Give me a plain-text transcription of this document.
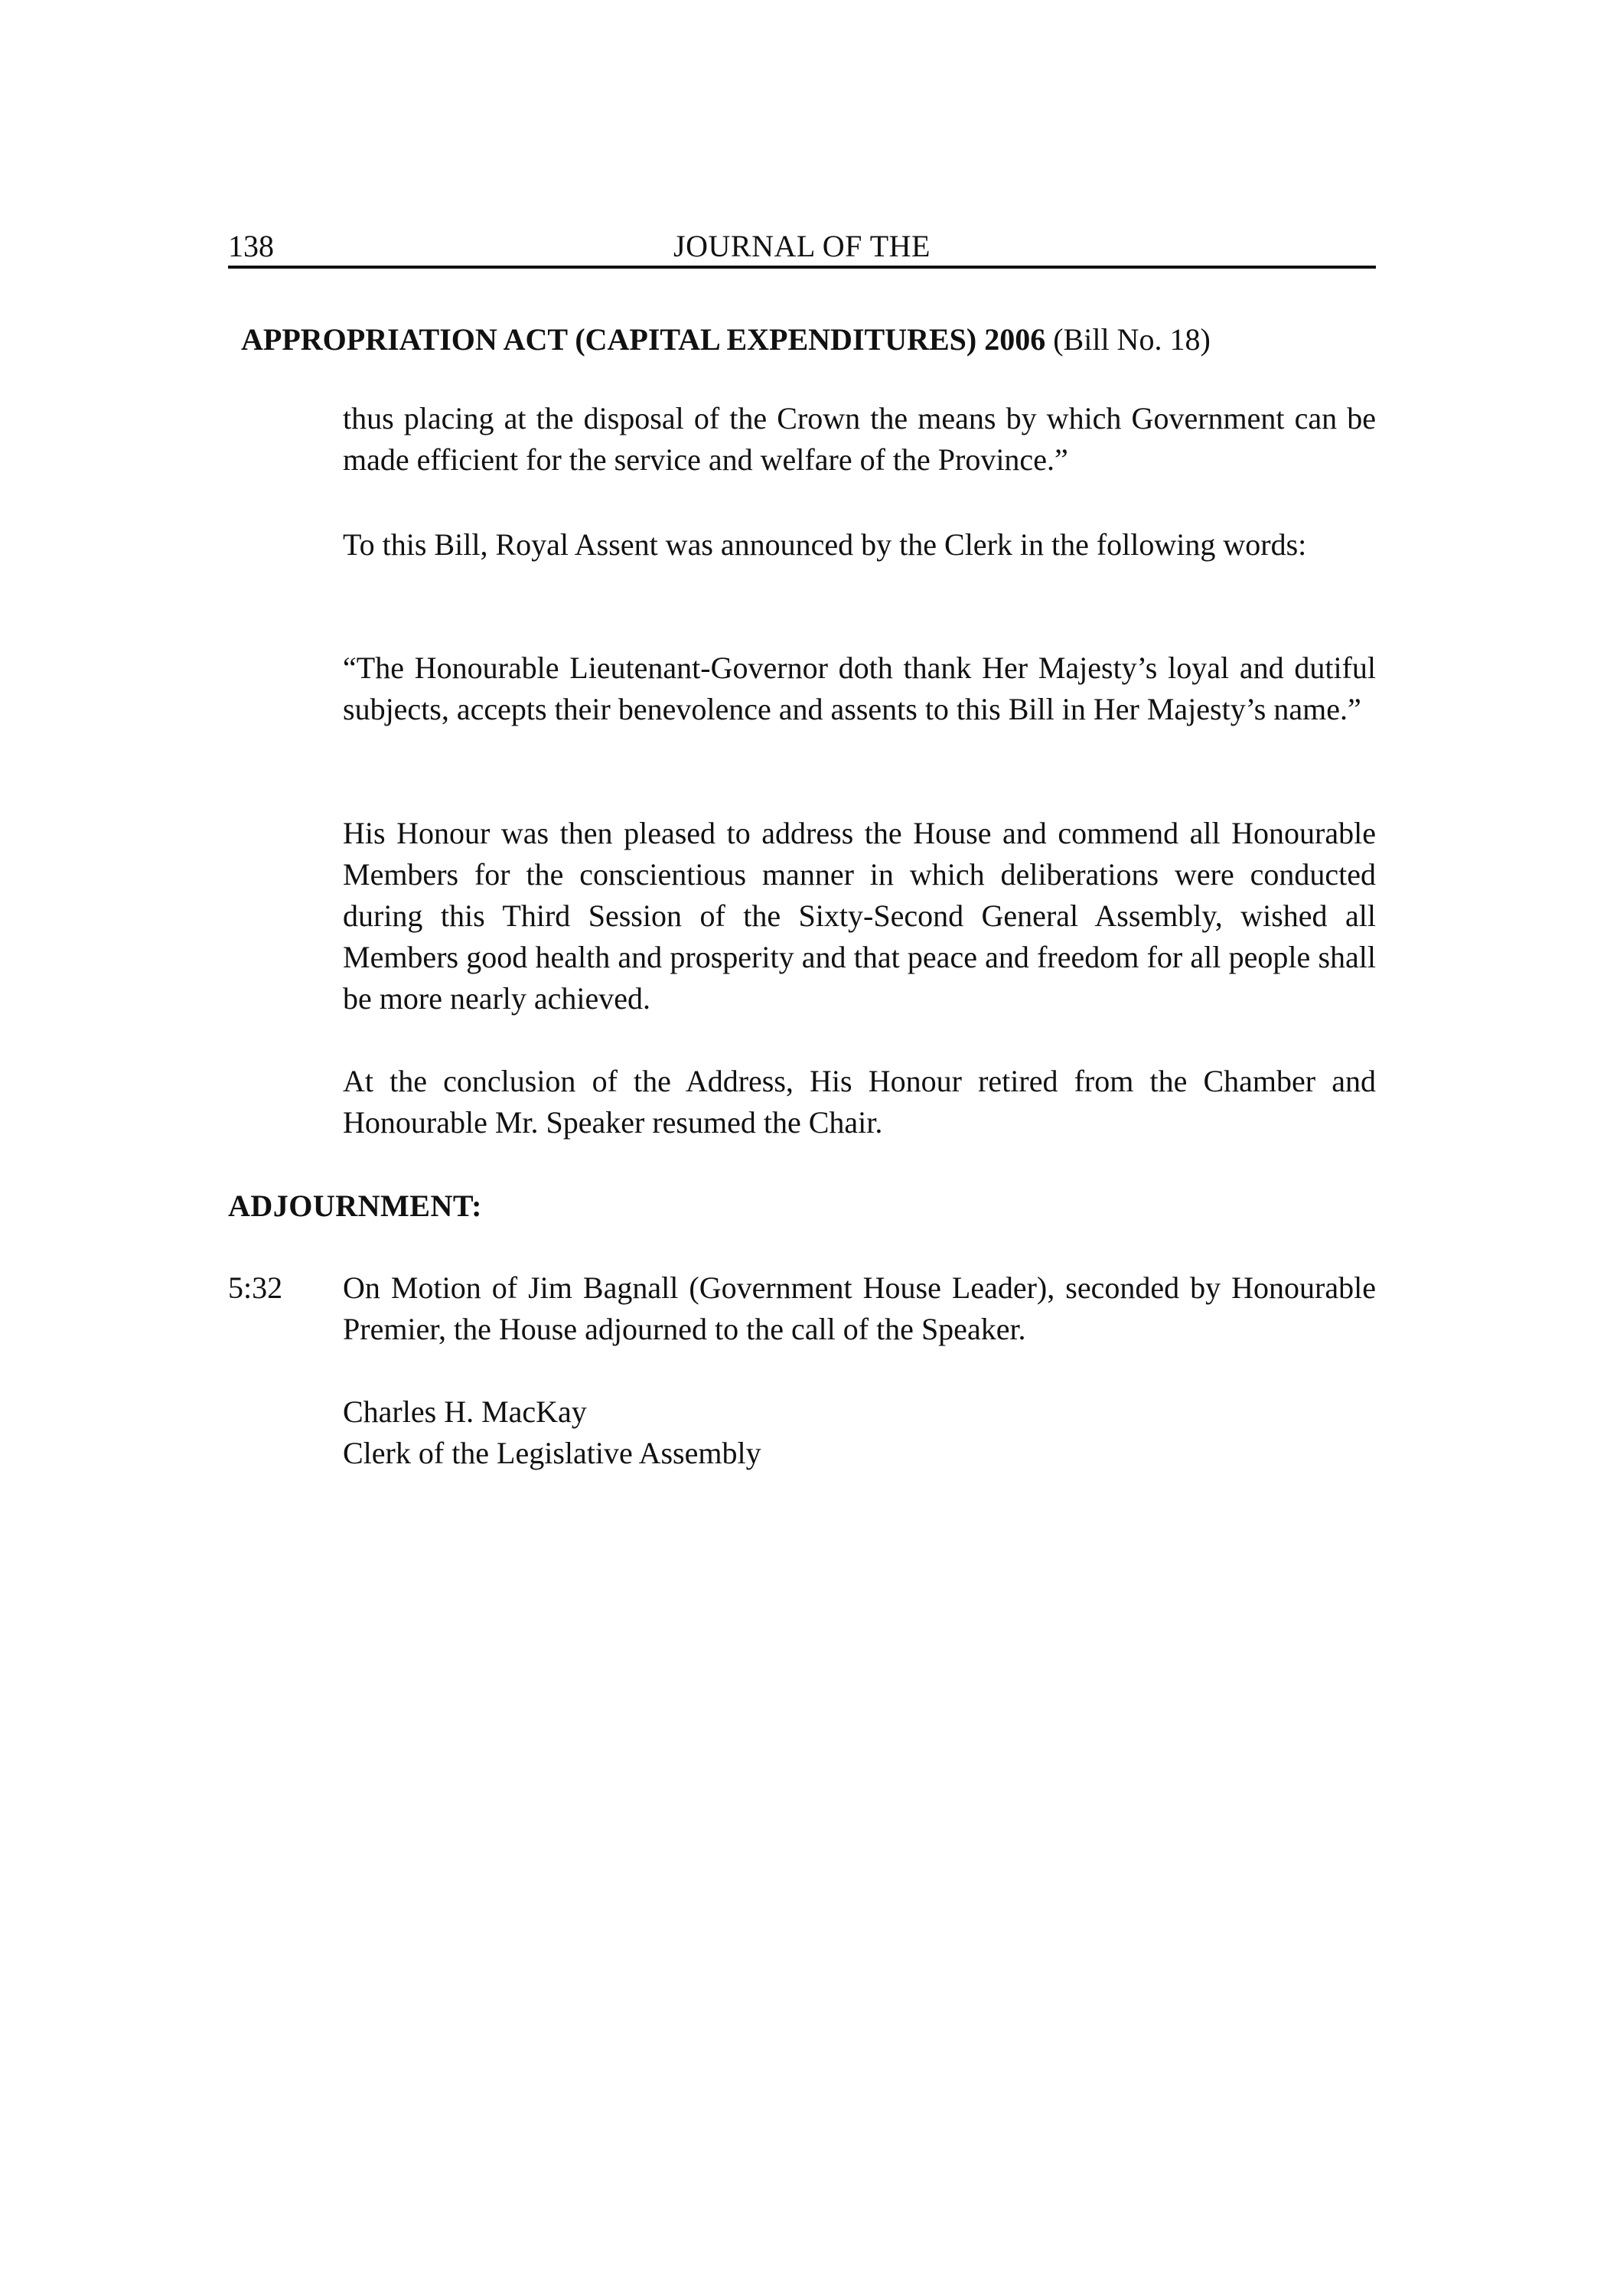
138	JOURNAL OF THE
APPROPRIATION ACT (CAPITAL EXPENDITURES) 2006 (Bill No. 18)
thus placing at the disposal of the Crown the means by which Government can be made efficient for the service and welfare of the Province.”
To this Bill, Royal Assent was announced by the Clerk in the following words:
“The Honourable Lieutenant-Governor doth thank Her Majesty’s loyal and dutiful subjects, accepts their benevolence and assents to this Bill in Her Majesty’s name.”
His Honour was then pleased to address the House and commend all Honourable Members for the conscientious manner in which deliberations were conducted during this Third Session of the Sixty-Second General Assembly, wished all Members good health and prosperity and that peace and freedom for all people shall be more nearly achieved.
At the conclusion of the Address, His Honour retired from the Chamber and Honourable Mr. Speaker resumed the Chair.
ADJOURNMENT:
5:32 On Motion of Jim Bagnall (Government House Leader), seconded by Honourable Premier, the House adjourned to the call of the Speaker.
Charles H. MacKay
Clerk of the Legislative Assembly
